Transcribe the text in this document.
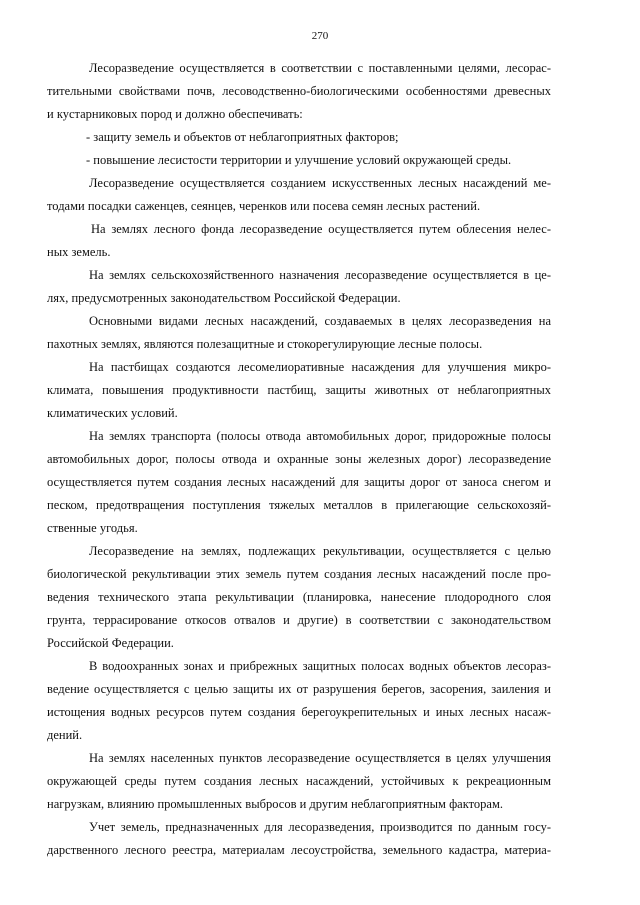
270
Лесоразведение осуществляется в соответствии с поставленными целями, лесорас-
тительными свойствами почв, лесоводственно-биологическими особенностями древесных
и кустарниковых пород и должно обеспечивать:
- защиту земель и объектов от неблагоприятных факторов;
- повышение лесистости территории и улучшение условий окружающей среды.
Лесоразведение осуществляется созданием искусственных лесных насаждений ме-
тодами посадки саженцев, сеянцев, черенков или посева семян лесных растений.
На землях лесного фонда лесоразведение осуществляется путем облесения нелес-
ных земель.
На землях сельскохозяйственного назначения лесоразведение осуществляется в це-
лях, предусмотренных законодательством Российской Федерации.
Основными видами лесных насаждений, создаваемых в целях лесоразведения на
пахотных землях, являются полезащитные и стокорегулирующие лесные полосы.
На пастбищах создаются лесомелиоративные насаждения для улучшения микро-
климата, повышения продуктивности пастбищ, защиты животных от неблагоприятных
климатических условий.
На землях транспорта (полосы отвода автомобильных дорог, придорожные полосы
автомобильных дорог, полосы отвода и охранные зоны железных дорог) лесоразведение
осуществляется путем создания лесных насаждений для защиты дорог от заноса снегом и
песком, предотвращения поступления тяжелых металлов в прилегающие сельскохозяй-
ственные угодья.
Лесоразведение на землях, подлежащих рекультивации, осуществляется с целью
биологической рекультивации этих земель путем создания лесных насаждений после про-
ведения технического этапа рекультивации (планировка, нанесение плодородного слоя
грунта, террасирование откосов отвалов и другие) в соответствии с законодательством
Российской Федерации.
В водоохранных зонах и прибрежных защитных полосах водных объектов лесораз-
ведение осуществляется с целью защиты их от разрушения берегов, засорения, заиления и
истощения водных ресурсов путем создания берегоукрепительных и иных лесных насаж-
дений.
На землях населенных пунктов лесоразведение осуществляется в целях улучшения
окружающей среды путем создания лесных насаждений, устойчивых к рекреационным
нагрузкам, влиянию промышленных выбросов и другим неблагоприятным факторам.
Учет земель, предназначенных для лесоразведения, производится по данным госу-
дарственного лесного реестра, материалам лесоустройства, земельного кадастра, материа-
